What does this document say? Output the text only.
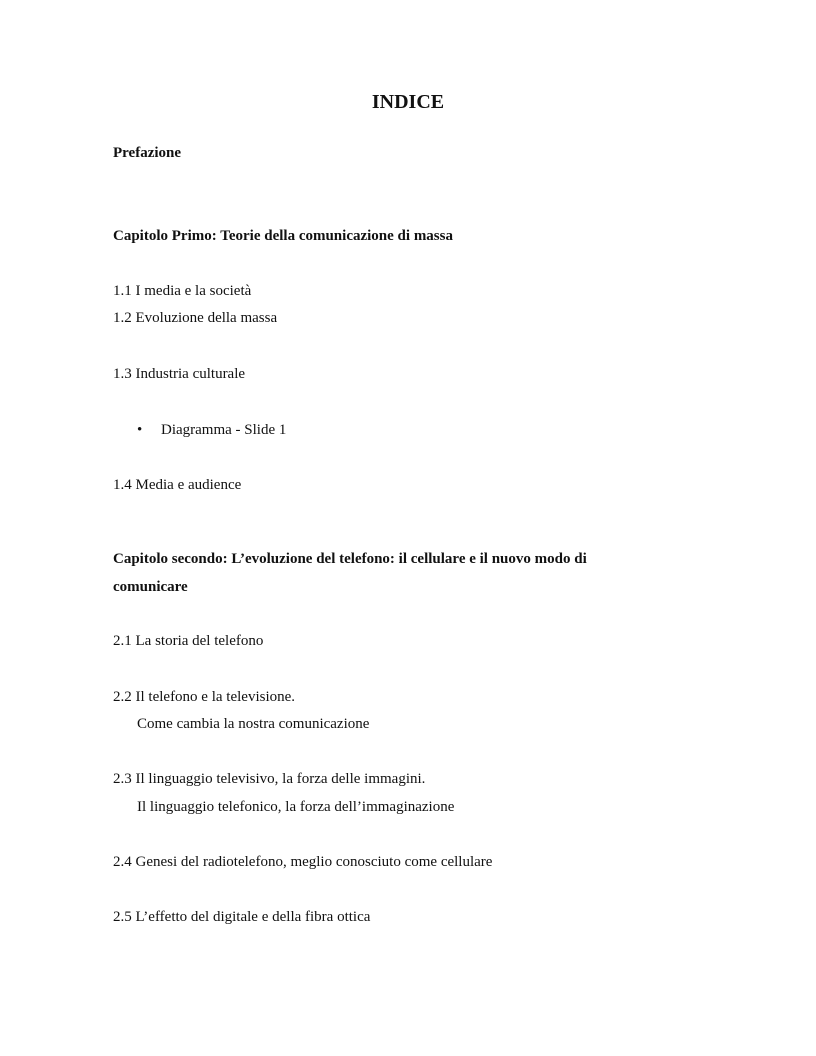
INDICE
Prefazione
Capitolo Primo: Teorie della comunicazione di massa
1.1 I media e la società
1.2 Evoluzione della massa
1.3 Industria culturale
• Diagramma - Slide 1
1.4 Media e audience
Capitolo secondo: L’evoluzione del telefono: il cellulare e il nuovo modo di
comunicare
2.1 La storia del telefono
2.2 Il telefono e la televisione.
Come cambia la nostra comunicazione
2.3 Il linguaggio televisivo, la forza delle immagini.
Il linguaggio telefonico, la forza dell’immaginazione
2.4 Genesi del radiotelefono, meglio conosciuto come cellulare
2.5 L’effetto del digitale e della fibra ottica
